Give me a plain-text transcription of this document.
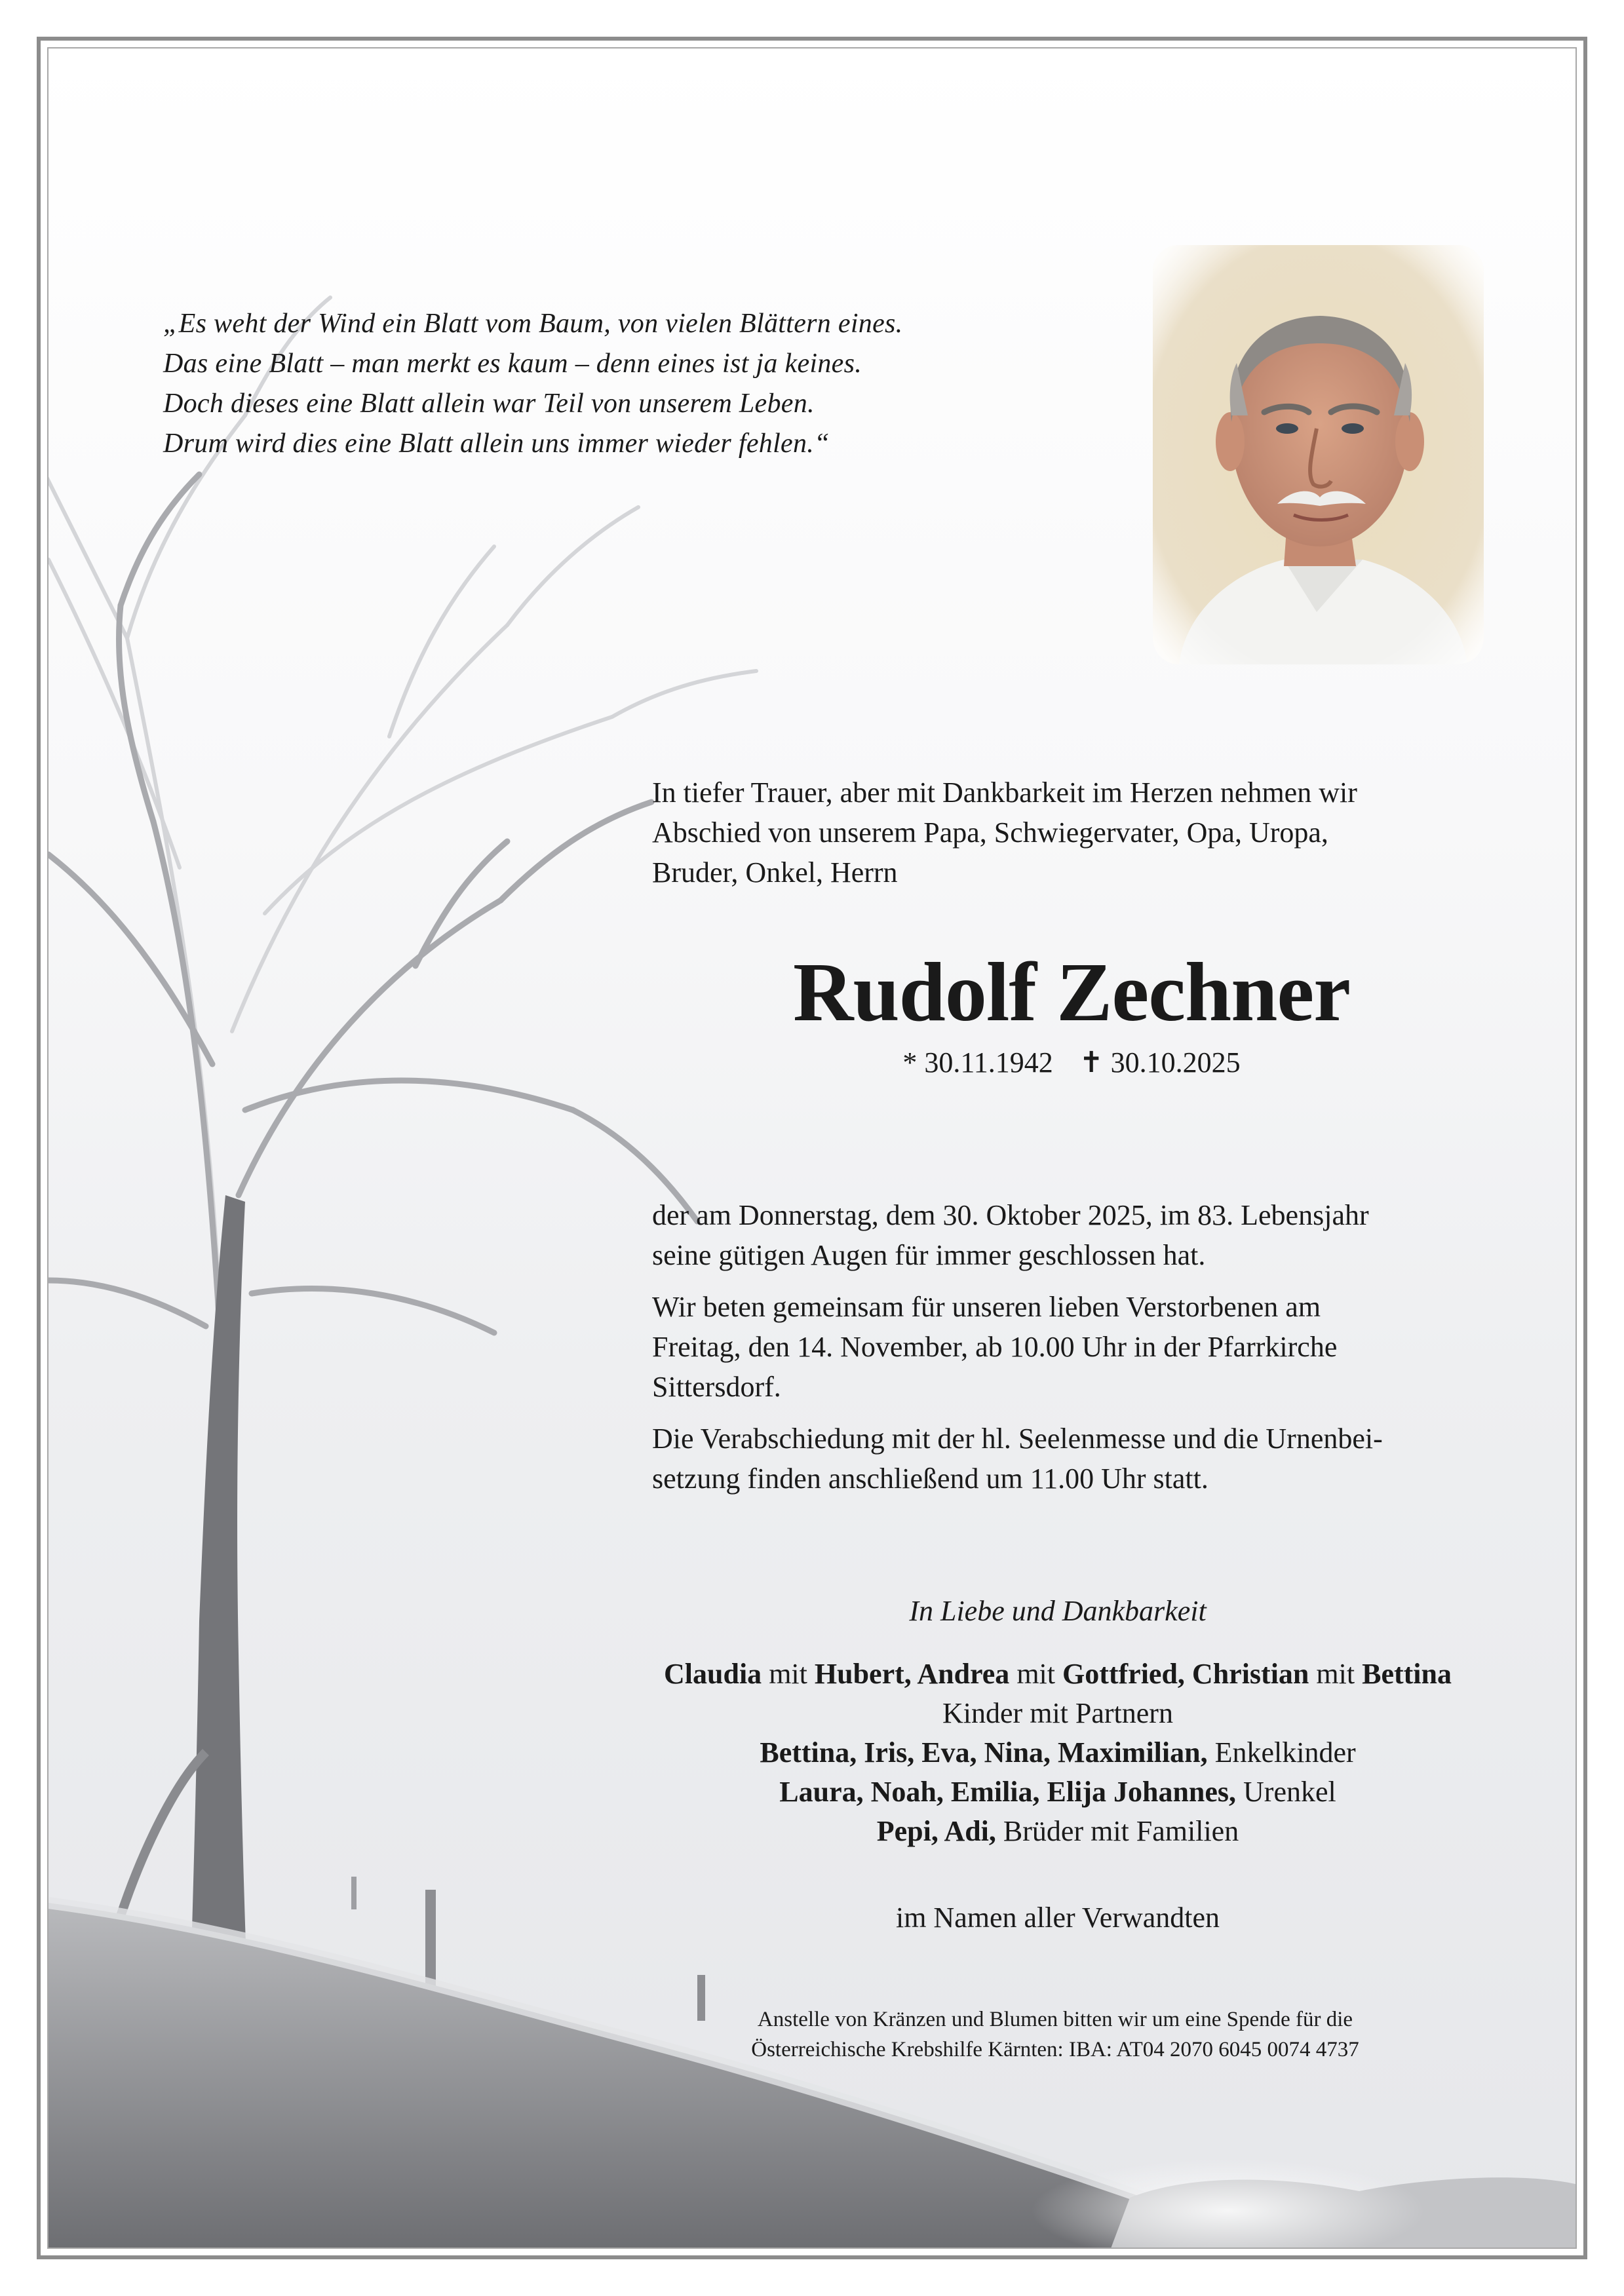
„Es weht der Wind ein Blatt vom Baum, von vielen Blättern eines.
Das eine Blatt – man merkt es kaum – denn eines ist ja keines.
Doch dieses eine Blatt allein war Teil von unserem Leben.
Drum wird dies eine Blatt allein uns immer wieder fehlen.“
In tiefer Trauer, aber mit Dankbarkeit im Herzen nehmen wir
Abschied von unserem Papa, Schwiegervater, Opa, Uropa,
Bruder, Onkel, Herrn
Rudolf Zechner
* 30.11.1942 ✝ 30.10.2025
der am Donnerstag, dem 30. Oktober 2025, im 83. Lebensjahr
seine gütigen Augen für immer geschlossen hat.
Wir beten gemeinsam für unseren lieben Verstorbenen am
Freitag, den 14. November, ab 10.00 Uhr in der Pfarrkirche
Sittersdorf.
Die Verabschiedung mit der hl. Seelenmesse und die Urnenbei-
setzung finden anschließend um 11.00 Uhr statt.
In Liebe und Dankbarkeit
Claudia mit Hubert, Andrea mit Gottfried, Christian mit Bettina
Kinder mit Partnern
Bettina, Iris, Eva, Nina, Maximilian, Enkelkinder
Laura, Noah, Emilia, Elija Johannes, Urenkel
Pepi, Adi, Brüder mit Familien
im Namen aller Verwandten
Anstelle von Kränzen und Blumen bitten wir um eine Spende für die
Österreichische Krebshilfe Kärnten: IBA: AT04 2070 6045 0074 4737
